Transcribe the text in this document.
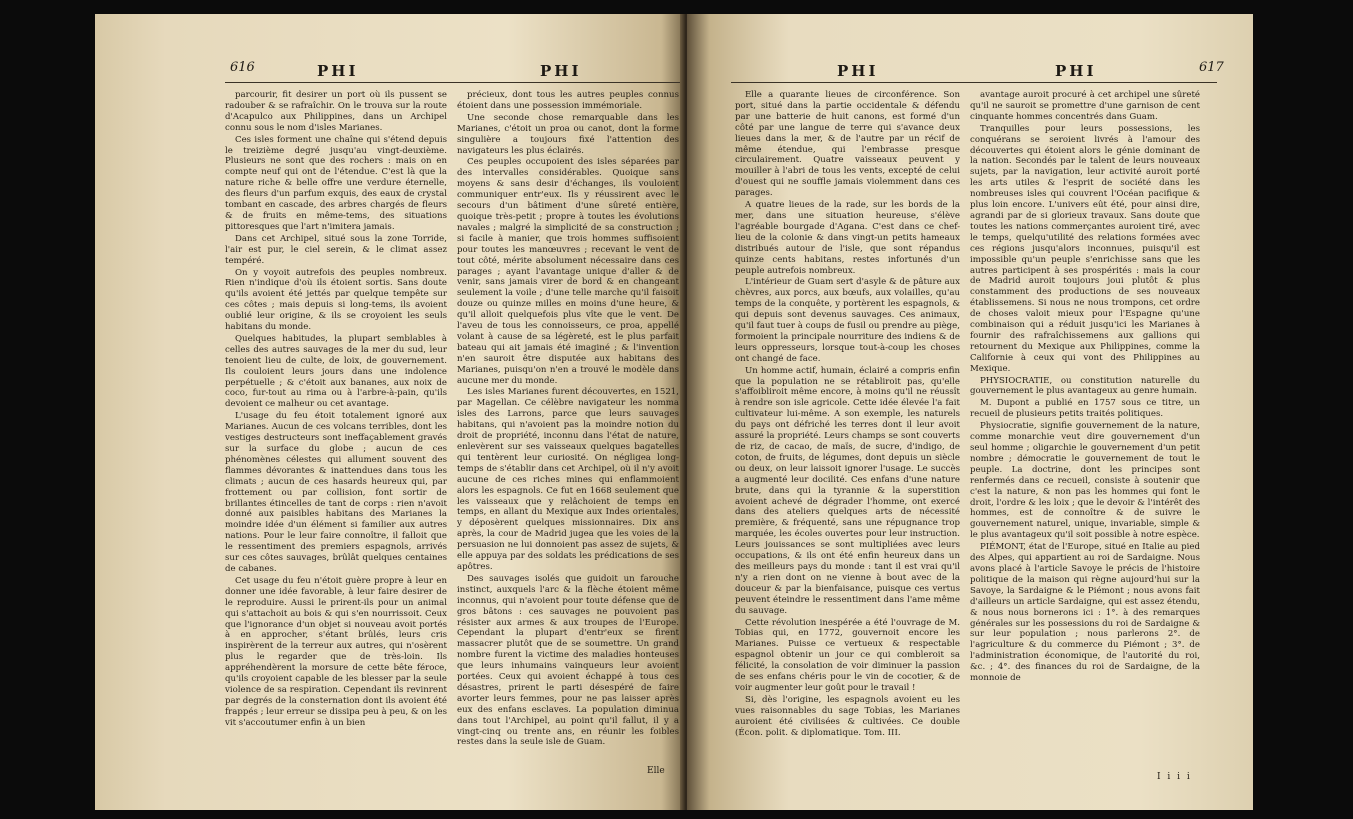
616	PHI	PHI

parcourir, fit desirer un port où ils pussent se radouber & se rafraîchir. On le trouva sur la route d'Acapulco aux Philippines, dans un Archipel connu sous le nom d'isles Marianes.

Ces isles forment une chaîne qui s'étend depuis le treizième degré jusqu'au vingt-deuxième. Plusieurs ne sont que des rochers : mais on en compte neuf qui ont de l'étendue. C'est là que la nature riche & belle offre une verdure éternelle, des fleurs d'un parfum exquis, des eaux de crystal tombant en cascade, des arbres chargés de fleurs & de fruits en même-tems, des situations pittoresques que l'art n'imitera jamais.

Dans cet Archipel, situé sous la zone Torride, l'air est pur, le ciel serein, & le climat assez tempéré.

On y voyoit autrefois des peuples nombreux. Rien n'indique d'où ils étoient sortis. Sans doute qu'ils avoient été jettés par quelque tempête sur ces côtes ; mais depuis si long-tems, ils avoient oublié leur origine, & ils se croyoient les seuls habitans du monde.

Quelques habitudes, la plupart semblables à celles des autres sauvages de la mer du sud, leur tenoient lieu de culte, de loix, de gouvernement. Ils couloient leurs jours dans une indolence perpétuelle ; & c'étoit aux bananes, aux noix de coco, fur-tout au rima ou à l'arbre-à-pain, qu'ils devoient ce malheur ou cet avantage.

L'usage du feu étoit totalement ignoré aux Marianes. Aucun de ces volcans terribles, dont les vestiges destructeurs sont ineffaçablement gravés sur la surface du globe ; aucun de ces phénomènes célestes qui allument souvent des flammes dévorantes & inattendues dans tous les climats ; aucun de ces hasards heureux qui, par frottement ou par collision, font sortir de brillantes étincelles de tant de corps : rien n'avoit donné aux paisibles habitans des Marianes la moindre idée d'un élément si familier aux autres nations. Pour le leur faire connoître, il falloit que le ressentiment des premiers espagnols, arrivés sur ces côtes sauvages, brûlât quelques centaines de cabanes.

Cet usage du feu n'étoit guère propre à leur en donner une idée favorable, à leur faire desirer de le reproduire. Aussi le prirent-ils pour un animal qui s'attachoit au bois & qui s'en nourrissoit. Ceux que l'ignorance d'un objet si nouveau avoit portés à en approcher, s'étant brûlés, leurs cris inspirèrent de la terreur aux autres, qui n'osèrent plus le regarder que de très-loin. Ils appréhendèrent la morsure de cette bête féroce, qu'ils croyoient capable de les blesser par la seule violence de sa respiration. Cependant ils revinrent par degrés de la consternation dont ils avoient été frappés ; leur erreur se dissipa peu à peu, & on les vit s'accoutumer enfin à un bien

précieux, dont tous les autres peuples connus étoient dans une possession immémoriale.

Une seconde chose remarquable dans les Marianes, c'étoit un proa ou canot, dont la forme singulière a toujours fixé l'attention des navigateurs les plus éclairés.

Ces peuples occupoient des isles séparées par des intervalles considérables. Quoique sans moyens & sans desir d'échanges, ils vouloient communiquer entr'eux. Ils y réussirent avec le secours d'un bâtiment d'une sûreté entière, quoique très-petit ; propre à toutes les évolutions navales ; malgré la simplicité de sa construction ; si facile à manier, que trois hommes suffisoient pour toutes les manœuvres ; recevant le vent de tout côté, mérite absolument nécessaire dans ces parages ; ayant l'avantage unique d'aller & de venir, sans jamais virer de bord & en changeant seulement la voile ; d'une telle marche qu'il faisoit douze ou quinze milles en moins d'une heure, & qu'il alloit quelquefois plus vîte que le vent. De l'aveu de tous les connoisseurs, ce proa, appellé volant à cause de sa légèreté, est le plus parfait bateau qui ait jamais été imaginé ; & l'invention n'en sauroit être disputée aux habitans des Marianes, puisqu'on n'en a trouvé le modèle dans aucune mer du monde.

Les isles Marianes furent découvertes, en 1521, par Magellan. Ce célèbre navigateur les nomma isles des Larrons, parce que leurs sauvages habitans, qui n'avoient pas la moindre notion du droit de propriété, inconnu dans l'état de nature, enlevèrent sur ses vaisseaux quelques bagatelles qui tentèrent leur curiosité. On négligea long-temps de s'établir dans cet Archipel, où il n'y avoit aucune de ces riches mines qui enflammoient alors les espagnols. Ce fut en 1668 seulement que les vaisseaux que y relâchoient de temps en temps, en allant du Mexique aux Indes orientales, y déposèrent quelques missionnaires. Dix ans après, la cour de Madrid jugea que les voies de la persuasion ne lui donnoient pas assez de sujets, & elle appuya par des soldats les prédications de ses apôtres.

Des sauvages isolés que guidoit un farouche instinct, auxquels l'arc & la flèche étoient même inconnus, qui n'avoient pour toute défense que de gros bâtons : ces sauvages ne pouvoient pas résister aux armes & aux troupes de l'Europe. Cependant la plupart d'entr'eux se firent massacrer plutôt que de se soumettre. Un grand nombre furent la victime des maladies honteuses que leurs inhumains vainqueurs leur avoient portées. Ceux qui avoient échappé à tous ces désastres, prirent le parti désespéré de faire avorter leurs femmes, pour ne pas laisser après eux des enfans esclaves. La population diminua dans tout l'Archipel, au point qu'il fallut, il y a vingt-cinq ou trente ans, en réunir les foibles restes dans la seule isle de Guam.

Elle
PHI	PHI	617

Elle a quarante lieues de circonférence. Son port, situé dans la partie occidentale & défendu par une batterie de huit canons, est formé d'un côté par une langue de terre qui s'avance deux lieues dans la mer, & de l'autre par un récif de même étendue, qui l'embrasse presque circulairement. Quatre vaisseaux peuvent y mouiller à l'abri de tous les vents, excepté de celui d'ouest qui ne souffle jamais violemment dans ces parages.

A quatre lieues de la rade, sur les bords de la mer, dans une situation heureuse, s'élève l'agréable bourgade d'Agana. C'est dans ce chef-lieu de la colonie & dans vingt-un petits hameaux distribués autour de l'isle, que sont répandus quinze cents habitans, restes infortunés d'un peuple autrefois nombreux.

L'intérieur de Guam sert d'asyle & de pâture aux chèvres, aux porcs, aux bœufs, aux volailles, qu'au temps de la conquête, y portèrent les espagnols, & qui depuis sont devenus sauvages. Ces animaux, qu'il faut tuer à coups de fusil ou prendre au piège, formoient la principale nourriture des indiens & de leurs oppresseurs, lorsque tout-à-coup les choses ont changé de face.

Un homme actif, humain, éclairé a compris enfin que la population ne se rétabliroit pas, qu'elle s'affoibliroit même encore, à moins qu'il ne réussît à rendre son isle agricole. Cette idée élevée l'a fait cultivateur lui-même. A son exemple, les naturels du pays ont défriché les terres dont il leur avoit assuré la propriété. Leurs champs se sont couverts de riz, de cacao, de maïs, de sucre, d'indigo, de coton, de fruits, de légumes, dont depuis un siècle ou deux, on leur laissoit ignorer l'usage. Le succès a augmenté leur docilité. Ces enfans d'une nature brute, dans qui la tyrannie & la superstition avoient achevé de dégrader l'homme, ont exercé dans des ateliers quelques arts de nécessité première, & fréquenté, sans une répugnance trop marquée, les écoles ouvertes pour leur instruction. Leurs jouissances se sont multipliées avec leurs occupations, & ils ont été enfin heureux dans un des meilleurs pays du monde : tant il est vrai qu'il n'y a rien dont on ne vienne à bout avec de la douceur & par la bienfaisance, puisque ces vertus peuvent éteindre le ressentiment dans l'ame même du sauvage.

Cette révolution inespérée a été l'ouvrage de M. Tobias qui, en 1772, gouvernoit encore les Marianes. Puisse ce vertueux & respectable espagnol obtenir un jour ce qui combleroit sa félicité, la consolation de voir diminuer la passion de ses enfans chéris pour le vin de cocotier, & de voir augmenter leur goût pour le travail !

Si, dès l'origine, les espagnols avoient eu les vues raisonnables du sage Tobias, les Marianes auroient été civilisées & cultivées. Ce double (Écon. polit. & diplomatique. Tom. III.

avantage auroit procuré à cet archipel une sûreté qu'il ne sauroit se promettre d'une garnison de cent cinquante hommes concentrés dans Guam.

Tranquilles pour leurs possessions, les conquérans se seroient livrés à l'amour des découvertes qui étoient alors le génie dominant de la nation. Secondés par le talent de leurs nouveaux sujets, par la navigation, leur activité auroit porté les arts utiles & l'esprit de société dans les nombreuses isles qui couvrent l'Océan pacifique & plus loin encore. L'univers eût été, pour ainsi dire, agrandi par de si glorieux travaux. Sans doute que toutes les nations commerçantes auroient tiré, avec le temps, quelqu'utilité des relations formées avec ces régions jusqu'alors inconnues, puisqu'il est impossible qu'un peuple s'enrichisse sans que les autres participent à ses prospérités : mais la cour de Madrid auroit toujours joui plutôt & plus constamment des productions de ses nouveaux établissemens. Si nous ne nous trompons, cet ordre de choses valoit mieux pour l'Espagne qu'une combinaison qui a réduit jusqu'ici les Marianes à fournir des rafraîchissemens aux gallions qui retournent du Mexique aux Philippines, comme la Californie à ceux qui vont des Philippines au Mexique.

PHYSIOCRATIE, ou constitution naturelle du gouvernement le plus avantageux au genre humain.

M. Dupont a publié en 1757 sous ce titre, un recueil de plusieurs petits traités politiques.

Physiocratie, signifie gouvernement de la nature, comme monarchie veut dire gouvernement d'un seul homme ; oligarchie le gouvernement d'un petit nombre ; démocratie le gouvernement de tout le peuple. La doctrine, dont les principes sont renfermés dans ce recueil, consiste à soutenir que c'est la nature, & non pas les hommes qui font le droit, l'ordre & les loix ; que le devoir & l'intérêt des hommes, est de connoître & de suivre le gouvernement naturel, unique, invariable, simple & le plus avantageux qu'il soit possible à notre espèce.

PIÉMONT, état de l'Europe, situé en Italie au pied des Alpes, qui appartient au roi de Sardaigne. Nous avons placé à l'article Savoye le précis de l'histoire politique de la maison qui règne aujourd'hui sur la Savoye, la Sardaigne & le Piémont ; nous avons fait d'ailleurs un article Sardaigne, qui est assez étendu, & nous nous bornerons ici : 1°. à des remarques générales sur les possessions du roi de Sardaigne & sur leur population ; nous parlerons 2°. de l'agriculture & du commerce du Piémont ; 3°. de l'administration économique, de l'autorité du roi, &c. ; 4°. des finances du roi de Sardaigne, de la monnoie de

I i i i
